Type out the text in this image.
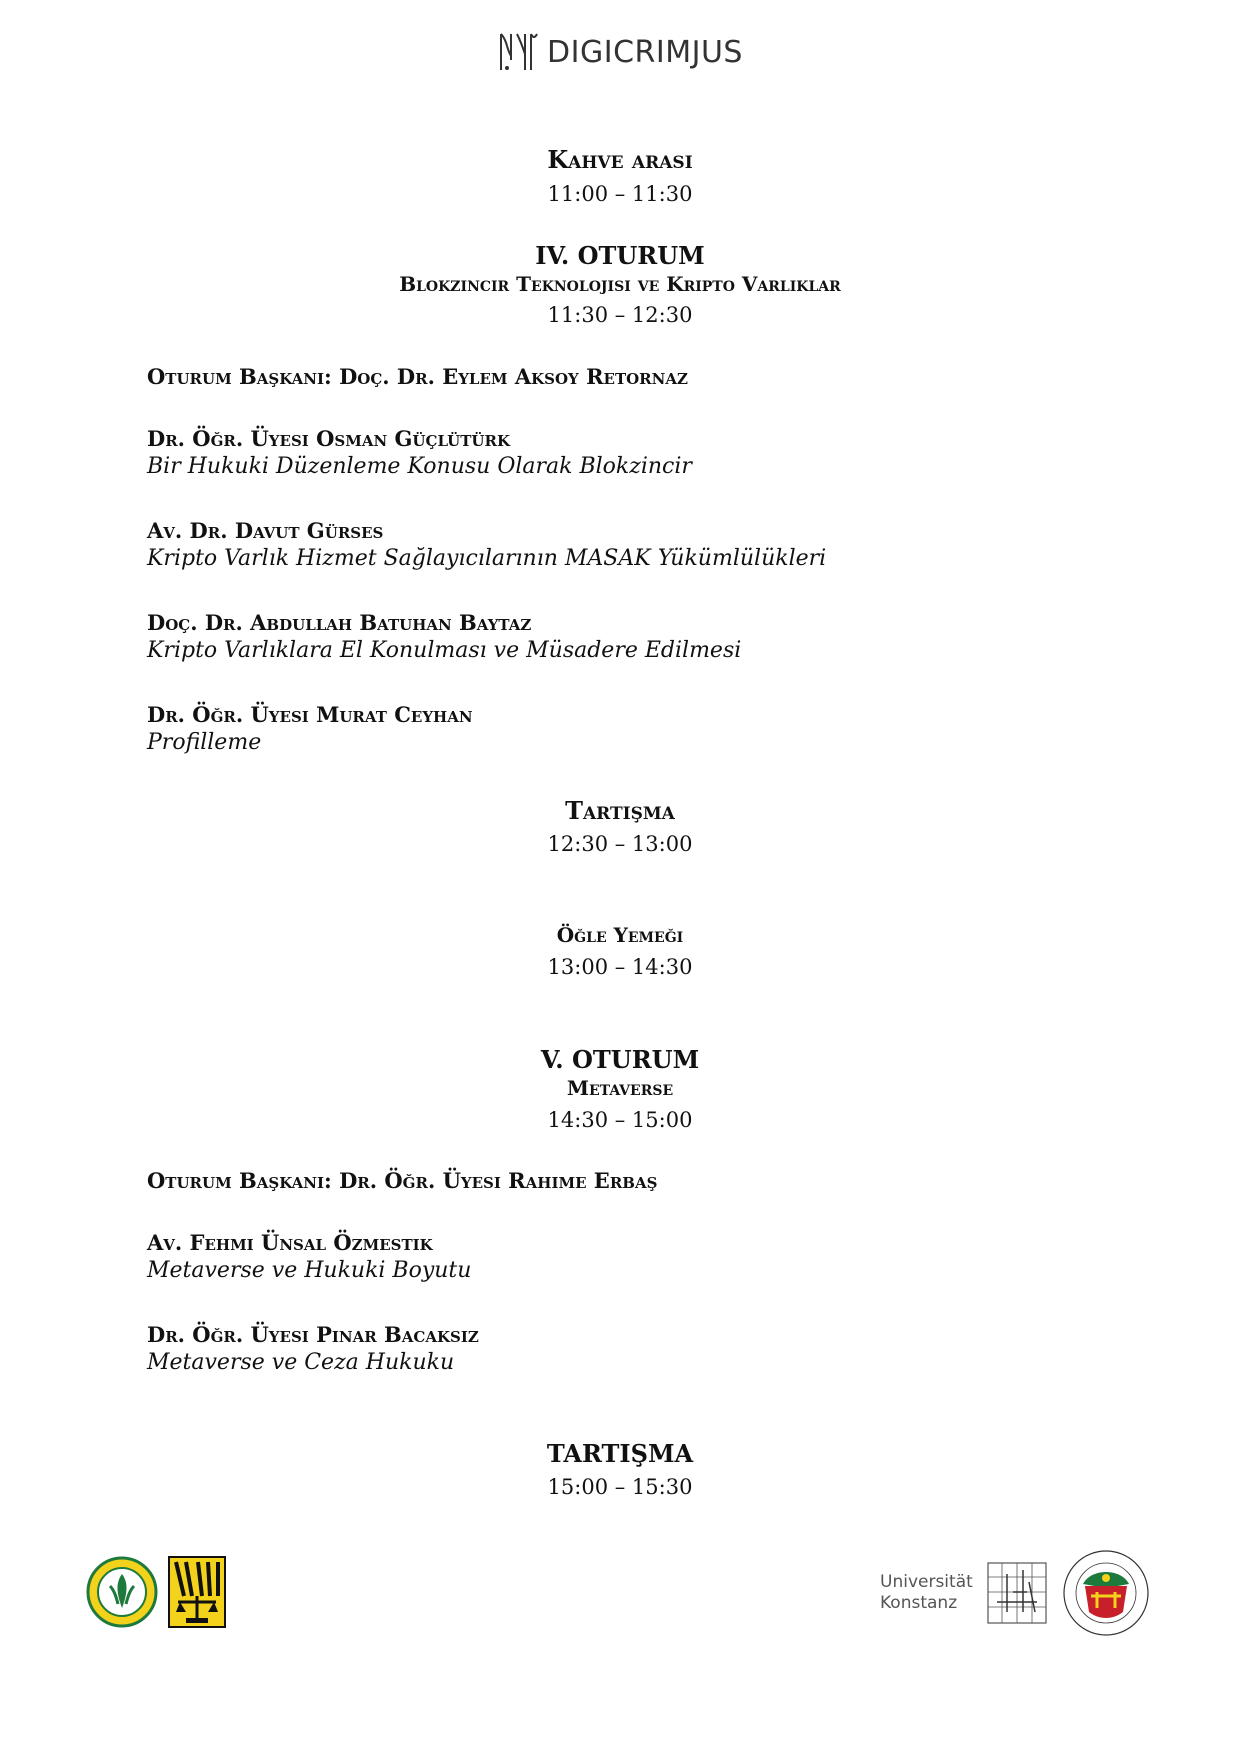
DIGICRIMJUS
Kahve arası
11:00 – 11:30
IV. OTURUM
Blokzincir Teknolojisi ve Kripto Varlıklar
11:30 – 12:30
Oturum Başkanı: Doç. Dr. Eylem Aksoy Retornaz
Dr. Öğr. Üyesi Osman Güçlütürk
Bir Hukuki Düzenleme Konusu Olarak Blokzincir
Av. Dr. Davut Gürses
Kripto Varlık Hizmet Sağlayıcılarının MASAK Yükümlülükleri
Doç. Dr. Abdullah Batuhan Baytaz
Kripto Varlıklara El Konulması ve Müsadere Edilmesi
Dr. Öğr. Üyesi Murat Ceyhan
Profilleme
Tartışma
12:30 – 13:00
Öğle Yemeği
13:00 – 14:30
V. OTURUM
Metaverse
14:30 – 15:00
Oturum Başkanı: Dr. Öğr. Üyesi Rahime Erbaş
Av. Fehmi Ünsal Özmestik
Metaverse ve Hukuki Boyutu
Dr. Öğr. Üyesi Pınar Bacaksız
Metaverse ve Ceza Hukuku
TARTIŞMA
15:00 – 15:30
Universität
Konstanz
